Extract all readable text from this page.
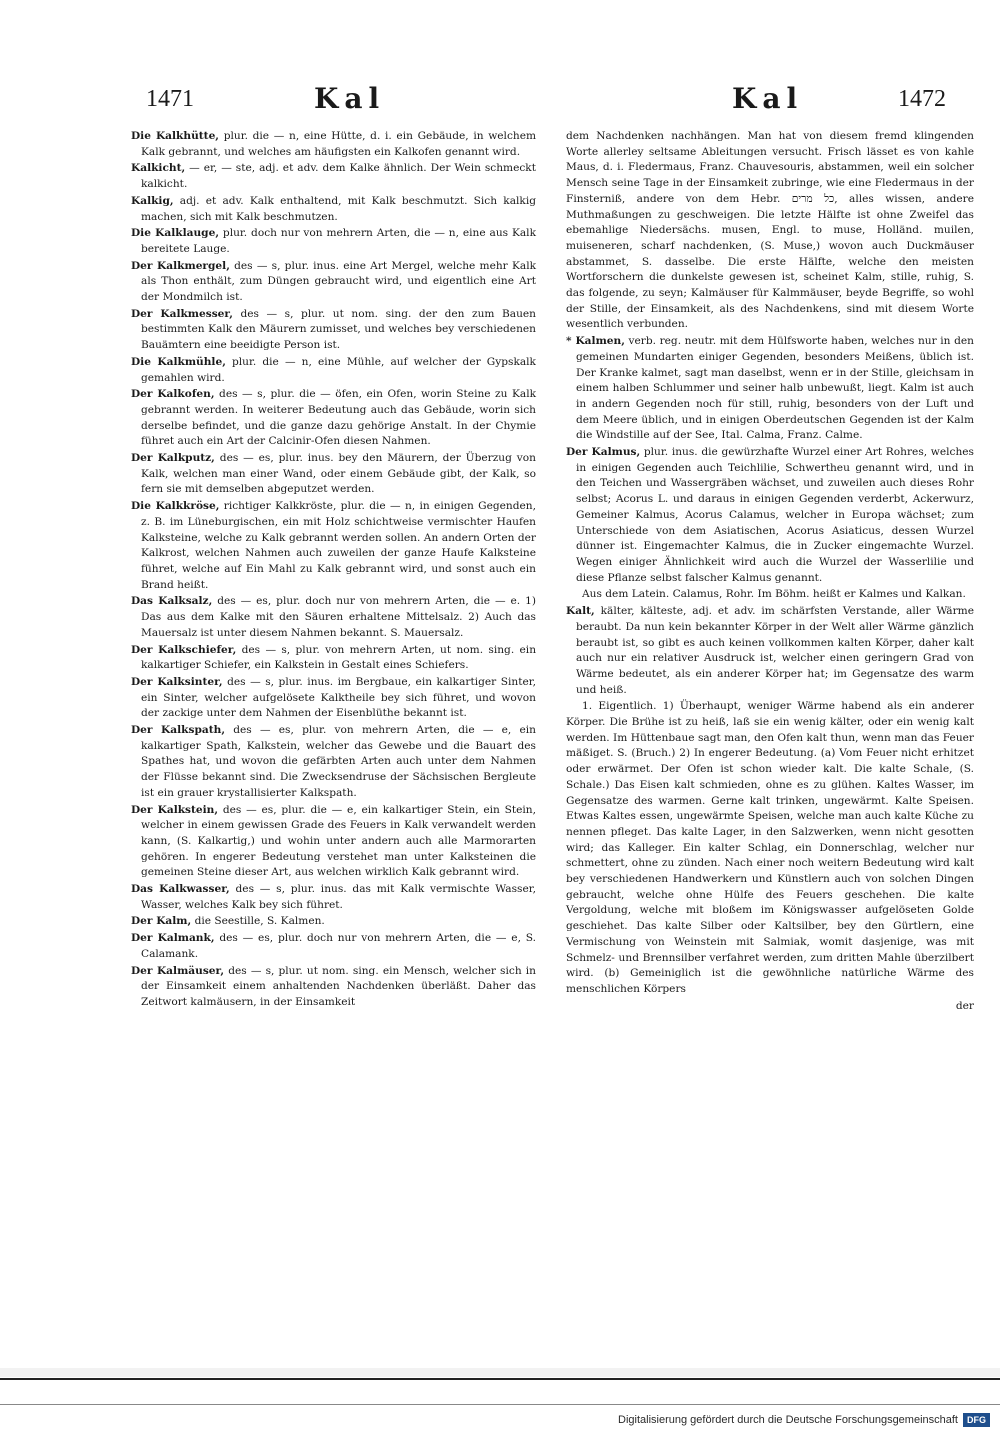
1471	Kal	Kal	1472

Die Kalkhütte, plur. die — n, eine Hütte, d. i. ein Gebäude, in welchem Kalk gebrannt, und welches am häufigsten ein Kalkofen genannt wird.

Kalkicht, — er, — ste, adj. et adv. dem Kalke ähnlich. Der Wein schmeckt kalkicht.

Kalkig, adj. et adv. Kalk enthaltend, mit Kalk beschmutzt. Sich kalkig machen, sich mit Kalk beschmutzen.

Die Kalklauge, plur. doch nur von mehrern Arten, die — n, eine aus Kalk bereitete Lauge.

Der Kalkmergel, des — s, plur. inus. eine Art Mergel, welche mehr Kalk als Thon enthält, zum Düngen gebraucht wird, und eigentlich eine Art der Mondmilch ist.

Der Kalkmesser, des — s, plur. ut nom. sing. der den zum Bauen bestimmten Kalk den Mäurern zumisset, und welches bey verschiedenen Bauämtern eine beeidigte Person ist.

Die Kalkmühle, plur. die — n, eine Mühle, auf welcher der Gypskalk gemahlen wird.

Der Kalkofen, des — s, plur. die — öfen, ein Ofen, worin Steine zu Kalk gebrannt werden. In weiterer Bedeutung auch das Gebäude, worin sich derselbe befindet, und die ganze dazu gehörige Anstalt. In der Chymie führet auch ein Art der Calcinir-Ofen diesen Nahmen.

Der Kalkputz, des — es, plur. inus. bey den Mäurern, der Überzug von Kalk, welchen man einer Wand, oder einem Gebäude gibt, der Kalk, so fern sie mit demselben abgeputzet werden.

Die Kalkkröse, richtiger Kalkkröste, plur. die — n, in einigen Gegenden, z. B. im Lüneburgischen, ein mit Holz schichtweise vermischter Haufen Kalksteine, welche zu Kalk gebrannt werden sollen. An andern Orten der Kalkrost, welchen Nahmen auch zuweilen der ganze Haufe Kalksteine führet, welche auf Ein Mahl zu Kalk gebrannt wird, und sonst auch ein Brand heißt.

Das Kalksalz, des — es, plur. doch nur von mehrern Arten, die — e. 1) Das aus dem Kalke mit den Säuren erhaltene Mittelsalz. 2) Auch das Mauersalz ist unter diesem Nahmen bekannt. S. Mauersalz.

Der Kalkschiefer, des — s, plur. von mehrern Arten, ut nom. sing. ein kalkartiger Schiefer, ein Kalkstein in Gestalt eines Schiefers.

Der Kalksinter, des — s, plur. inus. im Bergbaue, ein kalkartiger Sinter, ein Sinter, welcher aufgelösete Kalktheile bey sich führet, und wovon der zackige unter dem Nahmen der Eisenblüthe bekannt ist.

Der Kalkspath, des — es, plur. von mehrern Arten, die — e, ein kalkartiger Spath, Kalkstein, welcher das Gewebe und die Bauart des Spathes hat, und wovon die gefärbten Arten auch unter dem Nahmen der Flüsse bekannt sind. Die Zwecksendruse der Sächsischen Bergleute ist ein grauer krystallisierter Kalkspath.

Der Kalkstein, des — es, plur. die — e, ein kalkartiger Stein, ein Stein, welcher in einem gewissen Grade des Feuers in Kalk verwandelt werden kann, (S. Kalkartig,) und wohin unter andern auch alle Marmorarten gehören. In engerer Bedeutung verstehet man unter Kalksteinen die gemeinen Steine dieser Art, aus welchen wirklich Kalk gebrannt wird.

Das Kalkwasser, des — s, plur. inus. das mit Kalk vermischte Wasser, Wasser, welches Kalk bey sich führet.

Der Kalm, die Seestille, S. Kalmen.

Der Kalmank, des — es, plur. doch nur von mehrern Arten, die — e, S. Calamank.

Der Kalmäuser, des — s, plur. ut nom. sing. ein Mensch, welcher sich in der Einsamkeit einem anhaltenden Nachdenken überläßt. Daher das Zeitwort kalmäusern, in der Einsamkeit

dem Nachdenken nachhängen. Man hat von diesem fremd klingenden Worte allerley seltsame Ableitungen versucht. Frisch lässet es von kahle Maus, d. i. Fledermaus, Franz. Chauvesouris, abstammen, weil ein solcher Mensch seine Tage in der Einsamkeit zubringe, wie eine Fledermaus in der Finsterniß, andere von dem Hebr. כל מרים, alles wissen, andere Muthmaßungen zu geschweigen. Die letzte Hälfte ist ohne Zweifel das ebemahlige Niedersächs. musen, Engl. to muse, Holländ. muilen, muiseneren, scharf nachdenken, (S. Muse,) wovon auch Duckmäuser abstammet, S. dasselbe. Die erste Hälfte, welche den meisten Wortforschern die dunkelste gewesen ist, scheinet Kalm, stille, ruhig, S. das folgende, zu seyn; Kalmäuser für Kalmmäuser, beyde Begriffe, so wohl der Stille, der Einsamkeit, als des Nachdenkens, sind mit diesem Worte wesentlich verbunden.

* Kalmen, verb. reg. neutr. mit dem Hülfsworte haben, welches nur in den gemeinen Mundarten einiger Gegenden, besonders Meißens, üblich ist. Der Kranke kalmet, sagt man daselbst, wenn er in der Stille, gleichsam in einem halben Schlummer und seiner halb unbewußt, liegt. Kalm ist auch in andern Gegenden noch für still, ruhig, besonders von der Luft und dem Meere üblich, und in einigen Oberdeutschen Gegenden ist der Kalm die Windstille auf der See, Ital. Calma, Franz. Calme.

Der Kalmus, plur. inus. die gewürzhafte Wurzel einer Art Rohres, welches in einigen Gegenden auch Teichlilie, Schwertheu genannt wird, und in den Teichen und Wassergräben wächset, und zuweilen auch dieses Rohr selbst; Acorus L. und daraus in einigen Gegenden verderbt, Ackerwurz, Gemeiner Kalmus, Acorus Calamus, welcher in Europa wächset; zum Unterschiede von dem Asiatischen, Acorus Asiaticus, dessen Wurzel dünner ist. Eingemachter Kalmus, die in Zucker eingemachte Wurzel. Wegen einiger Ähnlichkeit wird auch die Wurzel der Wasserlilie und diese Pflanze selbst falscher Kalmus genannt.

Aus dem Latein. Calamus, Rohr. Im Böhm. heißt er Kalmes und Kalkan.

Kalt, kälter, kälteste, adj. et adv. im schärfsten Verstande, aller Wärme beraubt. Da nun kein bekannter Körper in der Welt aller Wärme gänzlich beraubt ist, so gibt es auch keinen vollkommen kalten Körper, daher kalt auch nur ein relativer Ausdruck ist, welcher einen geringern Grad von Wärme bedeutet, als ein anderer Körper hat; im Gegensatze des warm und heiß.

1. Eigentlich. 1) Überhaupt, weniger Wärme habend als ein anderer Körper. Die Brühe ist zu heiß, laß sie ein wenig kälter, oder ein wenig kalt werden. Im Hüttenbaue sagt man, den Ofen kalt thun, wenn man das Feuer mäßiget. S. (Bruch.) 2) In engerer Bedeutung. (a) Vom Feuer nicht erhitzet oder erwärmet. Der Ofen ist schon wieder kalt. Die kalte Schale, (S. Schale.) Das Eisen kalt schmieden, ohne es zu glühen. Kaltes Wasser, im Gegensatze des warmen. Gerne kalt trinken, ungewärmt. Kalte Speisen. Etwas Kaltes essen, ungewärmte Speisen, welche man auch kalte Küche zu nennen pfleget. Das kalte Lager, in den Salzwerken, wenn nicht gesotten wird; das Kalleger. Ein kalter Schlag, ein Donnerschlag, welcher nur schmettert, ohne zu zünden. Nach einer noch weitern Bedeutung wird kalt bey verschiedenen Handwerkern und Künstlern auch von solchen Dingen gebraucht, welche ohne Hülfe des Feuers geschehen. Die kalte Vergoldung, welche mit bloßem im Königswasser aufgelöseten Golde geschiehet. Das kalte Silber oder Kaltsilber, bey den Gürtlern, eine Vermischung von Weinstein mit Salmiak, womit dasjenige, was mit Schmelz- und Brennsilber verfahret werden, zum dritten Mahle überzilbert wird. (b) Gemeiniglich ist die gewöhnliche natürliche Wärme des menschlichen Körpers

der

Digitalisierung gefördert durch die Deutsche Forschungsgemeinschaft	DFG
